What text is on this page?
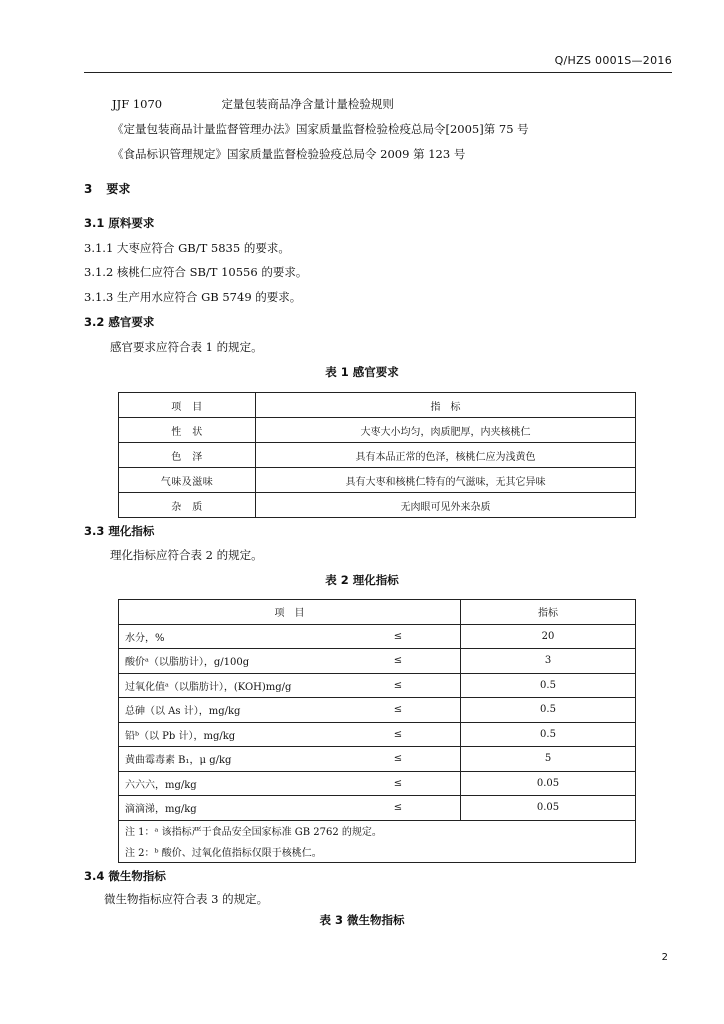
Q/HZS 0001S—2016
JJF 1070	定量包装商品净含量计量检验规则
《定量包装商品计量监督管理办法》国家质量监督检验检疫总局令[2005]第 75 号
《食品标识管理规定》国家质量监督检验验疫总局令 2009 第 123 号
3 要求
3.1 原料要求
3.1.1 大枣应符合 GB/T 5835 的要求。
3.1.2 核桃仁应符合 SB/T 10556 的要求。
3.1.3 生产用水应符合 GB 5749 的要求。
3.2 感官要求
感官要求应符合表 1 的规定。
表 1 感官要求
项　目	指　标
性　状	大枣大小均匀，肉质肥厚，内夹核桃仁
色　泽	具有本品正常的色泽，核桃仁应为浅黄色
气味及滋味	具有大枣和核桃仁特有的气滋味，无其它异味
杂　质	无肉眼可见外来杂质
3.3 理化指标
理化指标应符合表 2 的规定。
表 2 理化指标
项　目		指标
水分，%	≤	20
酸价ᵃ（以脂肪计），g/100g	≤	3
过氧化值ᵃ（以脂肪计），(KOH)mg/g	≤	0.5
总砷（以 As 计），mg/kg	≤	0.5
铅ᵇ（以 Pb 计），mg/kg	≤	0.5
黄曲霉毒素 B₁，μ g/kg	≤	5
六六六，mg/kg	≤	0.05
滴滴涕，mg/kg	≤	0.05

注 1：ᵃ 该指标严于食品安全国家标准 GB 2762 的规定。
注 2：ᵇ 酸价、过氧化值指标仅限于核桃仁。		
3.4 微生物指标
微生物指标应符合表 3 的规定。
表 3 微生物指标
2
